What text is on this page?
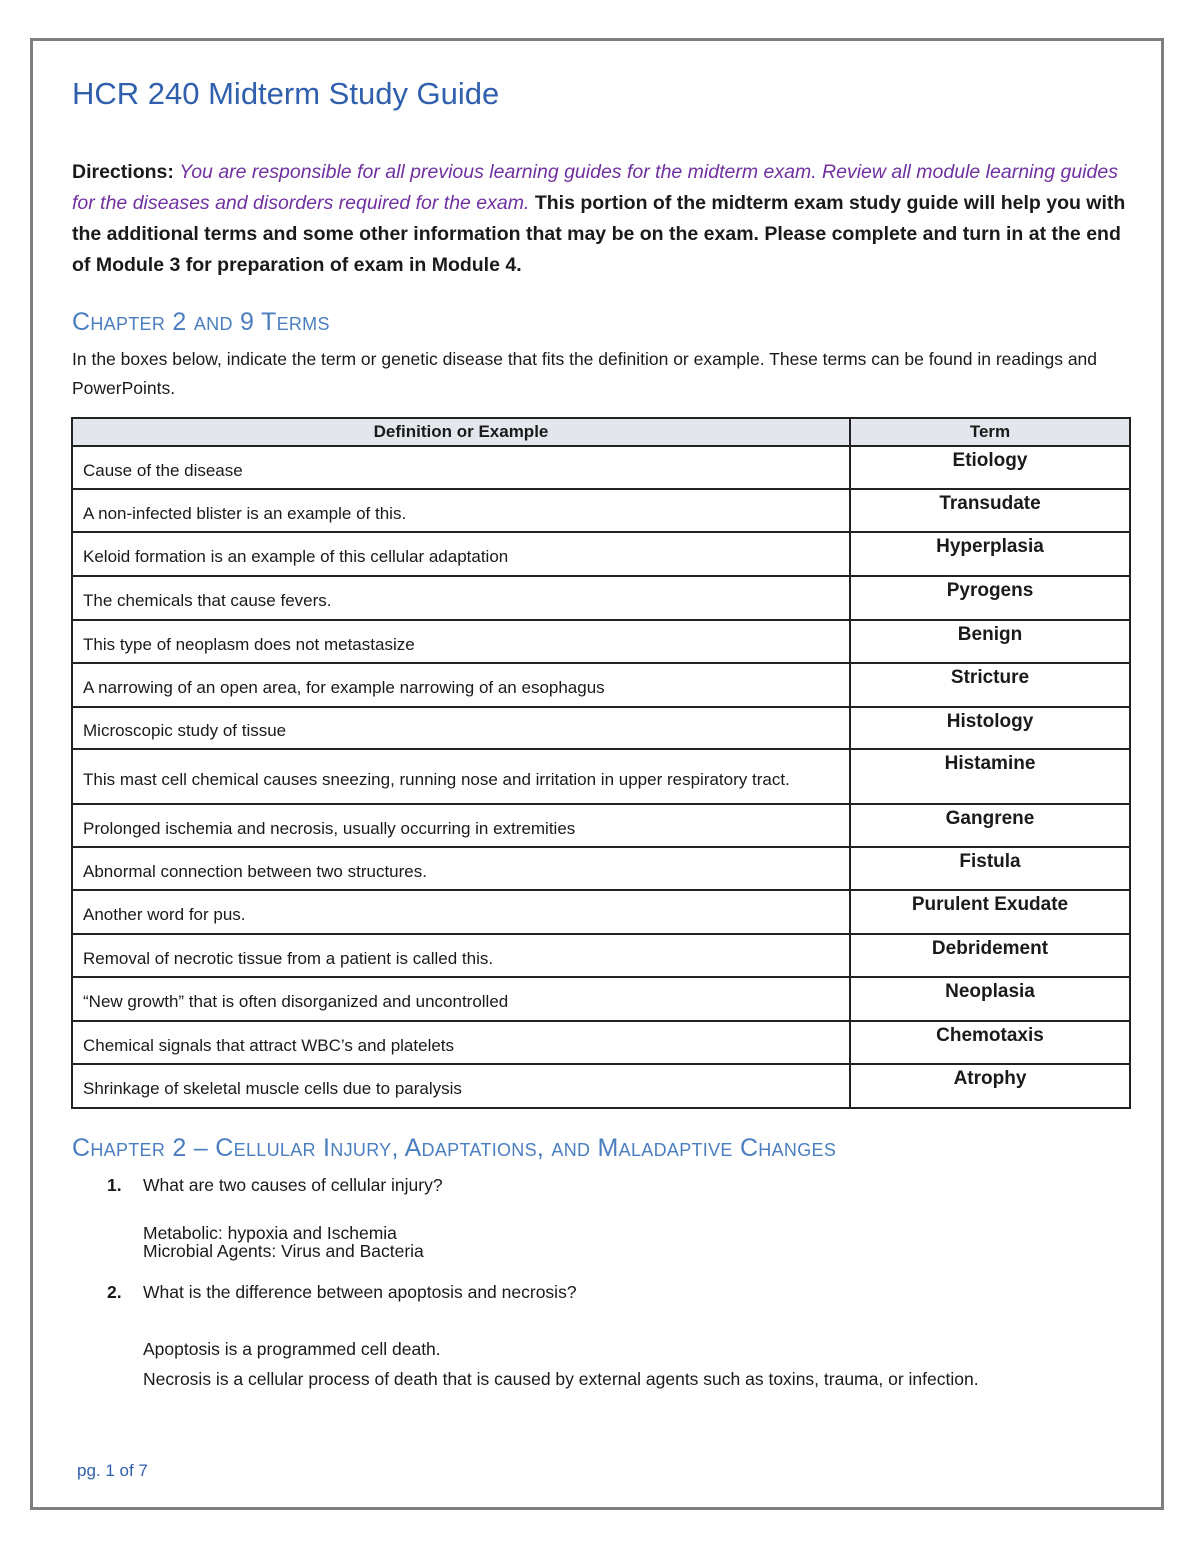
HCR 240 Midterm Study Guide
Directions: You are responsible for all previous learning guides for the midterm exam. Review all module learning guides for the diseases and disorders required for the exam. This portion of the midterm exam study guide will help you with the additional terms and some other information that may be on the exam. Please complete and turn in at the end of Module 3 for preparation of exam in Module 4.
Chapter 2 and 9 Terms
In the boxes below, indicate the term or genetic disease that fits the definition or example. These terms can be found in readings and PowerPoints.
Definition or Example	Term
Cause of the disease	Etiology
A non-infected blister is an example of this.	Transudate
Keloid formation is an example of this cellular adaptation	Hyperplasia
The chemicals that cause fevers.	Pyrogens
This type of neoplasm does not metastasize	Benign
A narrowing of an open area, for example narrowing of an esophagus	Stricture
Microscopic study of tissue	Histology
This mast cell chemical causes sneezing, running nose and irritation in upper respiratory tract.	Histamine
Prolonged ischemia and necrosis, usually occurring in extremities	Gangrene
Abnormal connection between two structures.	Fistula
Another word for pus.	Purulent Exudate
Removal of necrotic tissue from a patient is called this.	Debridement
“New growth” that is often disorganized and uncontrolled	Neoplasia
Chemical signals that attract WBC’s and platelets	Chemotaxis
Shrinkage of skeletal muscle cells due to paralysis	Atrophy
Chapter 2 – Cellular Injury, Adaptations, and Maladaptive Changes
1. What are two causes of cellular injury?
Metabolic: hypoxia and Ischemia
Microbial Agents: Virus and Bacteria
2. What is the difference between apoptosis and necrosis?
Apoptosis is a programmed cell death.
Necrosis is a cellular process of death that is caused by external agents such as toxins, trauma, or infection.
pg. 1 of 7
